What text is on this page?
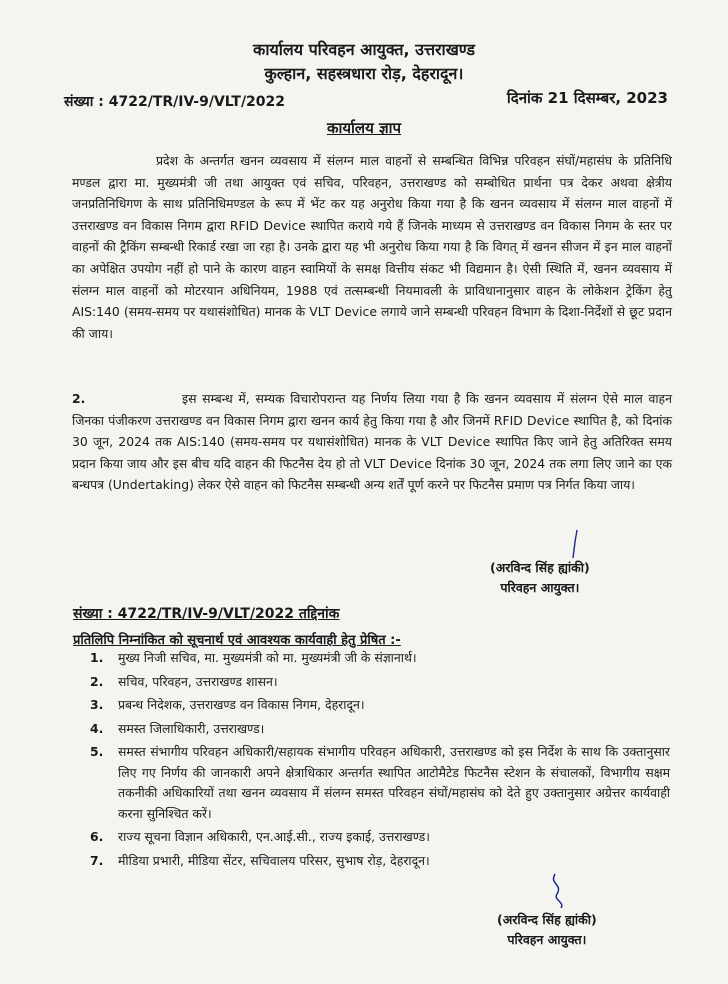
कार्यालय परिवहन आयुक्त, उत्तराखण्ड
कुल्हान, सहस्त्रधारा रोड़, देहरादून।
संख्या : 4722/TR/IV-9/VLT/2022	दिनांक 21 दिसम्बर, 2023
कार्यालय ज्ञाप
प्रदेश के अन्तर्गत खनन व्यवसाय में संलग्न माल वाहनों से सम्बन्धित विभिन्न परिवहन संघों/महासंघ के प्रतिनिधि मण्डल द्वारा मा. मुख्यमंत्री जी तथा आयुक्त एवं सचिव, परिवहन, उत्तराखण्ड को सम्बोधित प्रार्थना पत्र देकर अथवा क्षेत्रीय जनप्रतिनिधिगण के साथ प्रतिनिधिमण्डल के रूप में भेंट कर यह अनुरोध किया गया है कि खनन व्यवसाय में संलग्न माल वाहनों में उत्तराखण्ड वन विकास निगम द्वारा RFID Device स्थापित कराये गये हैं जिनके माध्यम से उत्तराखण्ड वन विकास निगम के स्तर पर वाहनों की ट्रैकिंग सम्बन्धी रिकार्ड रखा जा रहा है। उनके द्वारा यह भी अनुरोध किया गया है कि विगत् में खनन सीजन में इन माल वाहनों का अपेक्षित उपयोग नहीं हो पाने के कारण वाहन स्वामियों के समक्ष वित्तीय संकट भी विद्यमान है। ऐसी स्थिति में, खनन व्यवसाय में संलग्न माल वाहनों को मोटरयान अधिनियम, 1988 एवं तत्सम्बन्धी नियमावली के प्राविधानानुसार वाहन के लोकेशन ट्रेकिंग हेतु AIS:140 (समय-समय पर यथासंशोधित) मानक के VLT Device लगाये जाने सम्बन्धी परिवहन विभाग के दिशा-निर्देशों से छूट प्रदान की जाय।
2.	इस सम्बन्ध में, सम्यक विचारोपरान्त यह निर्णय लिया गया है कि खनन व्यवसाय में संलग्न ऐसे माल वाहन जिनका पंजीकरण उत्तराखण्ड वन विकास निगम द्वारा खनन कार्य हेतु किया गया है और जिनमें RFID Device स्थापित है, को दिनांक 30 जून, 2024 तक AIS:140 (समय-समय पर यथासंशोधित) मानक के VLT Device स्थापित किए जाने हेतु अतिरिक्त समय प्रदान किया जाय और इस बीच यदि वाहन की फिटनैस देय हो तो VLT Device दिनांक 30 जून, 2024 तक लगा लिए जाने का एक बन्धपत्र (Undertaking) लेकर ऐसे वाहन को फिटनैस सम्बन्धी अन्य शर्तें पूर्ण करने पर फिटनैस प्रमाण पत्र निर्गत किया जाय।
(अरविन्द सिंह ह्यांकी)
परिवहन आयुक्त।
संख्या : 4722/TR/IV-9/VLT/2022 तद्दिनांक
प्रतिलिपि निम्नांकित को सूचनार्थ एवं आवश्यक कार्यवाही हेतु प्रेषित :-
1. मुख्य निजी सचिव, मा. मुख्यमंत्री को मा. मुख्यमंत्री जी के संज्ञानार्थ।
2. सचिव, परिवहन, उत्तराखण्ड शासन।
3. प्रबन्ध निदेशक, उत्तराखण्ड वन विकास निगम, देहरादून।
4. समस्त जिलाधिकारी, उत्तराखण्ड।
5. समस्त संभागीय परिवहन अधिकारी/सहायक संभागीय परिवहन अधिकारी, उत्तराखण्ड को इस निर्देश के साथ कि उक्तानुसार लिए गए निर्णय की जानकारी अपने क्षेत्राधिकार अन्तर्गत स्थापित आटोमैटेड फिटनैस स्टेशन के संचालकों, विभागीय सक्षम तकनीकी अधिकारियों तथा खनन व्यवसाय में संलग्न समस्त परिवहन संघों/महासंघ को देते हुए उक्तानुसार अग्रेत्तर कार्यवाही करना सुनिश्चित करें।
6. राज्य सूचना विज्ञान अधिकारी, एन.आई.सी., राज्य इकाई, उत्तराखण्ड।
7. मीडिया प्रभारी, मीडिया सेंटर, सचिवालय परिसर, सुभाष रोड़, देहरादून।
(अरविन्द सिंह ह्यांकी)
परिवहन आयुक्त।
